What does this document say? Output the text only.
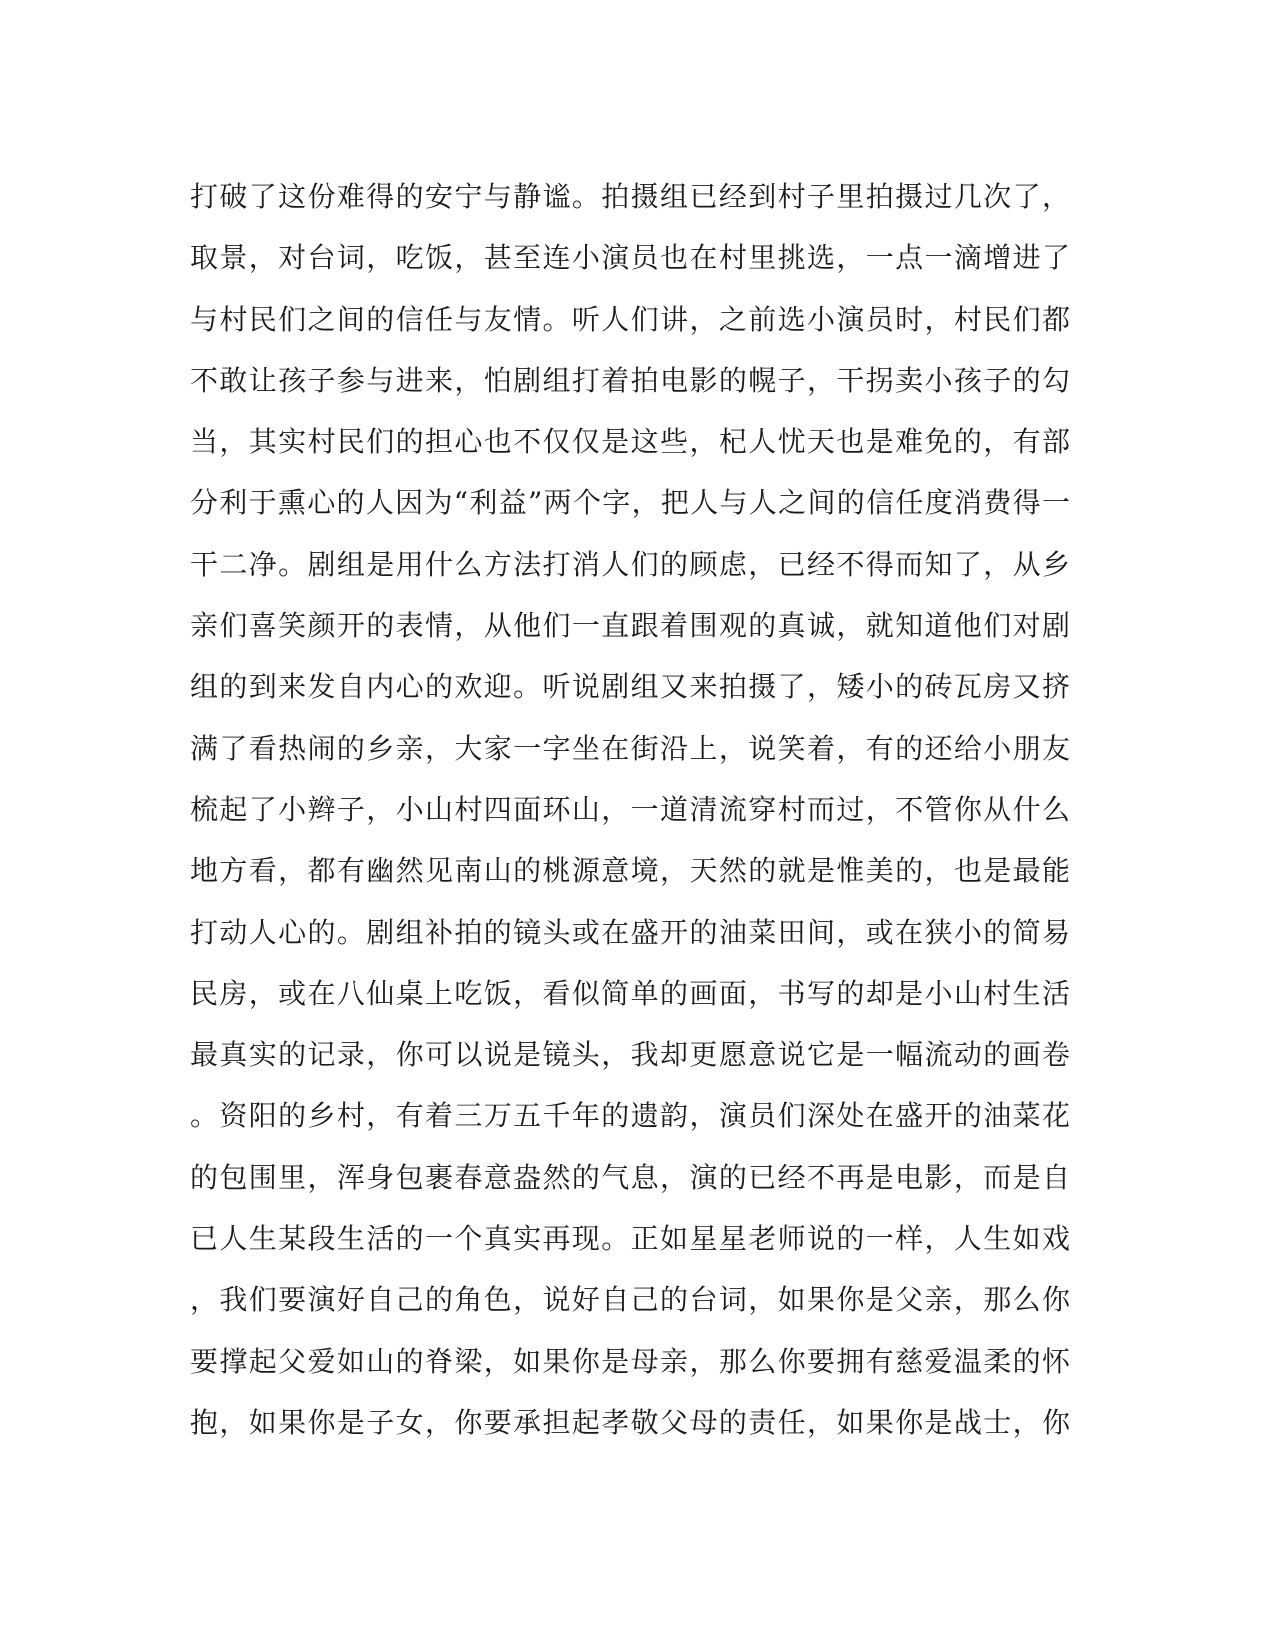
打破了这份难得的安宁与静谧。拍摄组已经到村子里拍摄过几次了，
取景，对台词，吃饭，甚至连小演员也在村里挑选，一点一滴增进了
与村民们之间的信任与友情。听人们讲，之前选小演员时，村民们都
不敢让孩子参与进来，怕剧组打着拍电影的幌子，干拐卖小孩子的勾
当，其实村民们的担心也不仅仅是这些，杞人忧天也是难免的，有部
分利于熏心的人因为“利益”两个字，把人与人之间的信任度消费得一
干二净。剧组是用什么方法打消人们的顾虑，已经不得而知了，从乡
亲们喜笑颜开的表情，从他们一直跟着围观的真诚，就知道他们对剧
组的到来发自内心的欢迎。听说剧组又来拍摄了，矮小的砖瓦房又挤
满了看热闹的乡亲，大家一字坐在街沿上，说笑着，有的还给小朋友
梳起了小辫子，小山村四面环山，一道清流穿村而过，不管你从什么
地方看，都有幽然见南山的桃源意境，天然的就是惟美的，也是最能
打动人心的。剧组补拍的镜头或在盛开的油菜田间，或在狭小的简易
民房，或在八仙桌上吃饭，看似简单的画面，书写的却是小山村生活
最真实的记录，你可以说是镜头，我却更愿意说它是一幅流动的画卷
。资阳的乡村，有着三万五千年的遗韵，演员们深处在盛开的油菜花
的包围里，浑身包裹春意盎然的气息，演的已经不再是电影，而是自
已人生某段生活的一个真实再现。正如星星老师说的一样，人生如戏
，我们要演好自己的角色，说好自己的台词，如果你是父亲，那么你
要撑起父爱如山的脊梁，如果你是母亲，那么你要拥有慈爱温柔的怀
抱，如果你是子女，你要承担起孝敬父母的责任，如果你是战士，你
